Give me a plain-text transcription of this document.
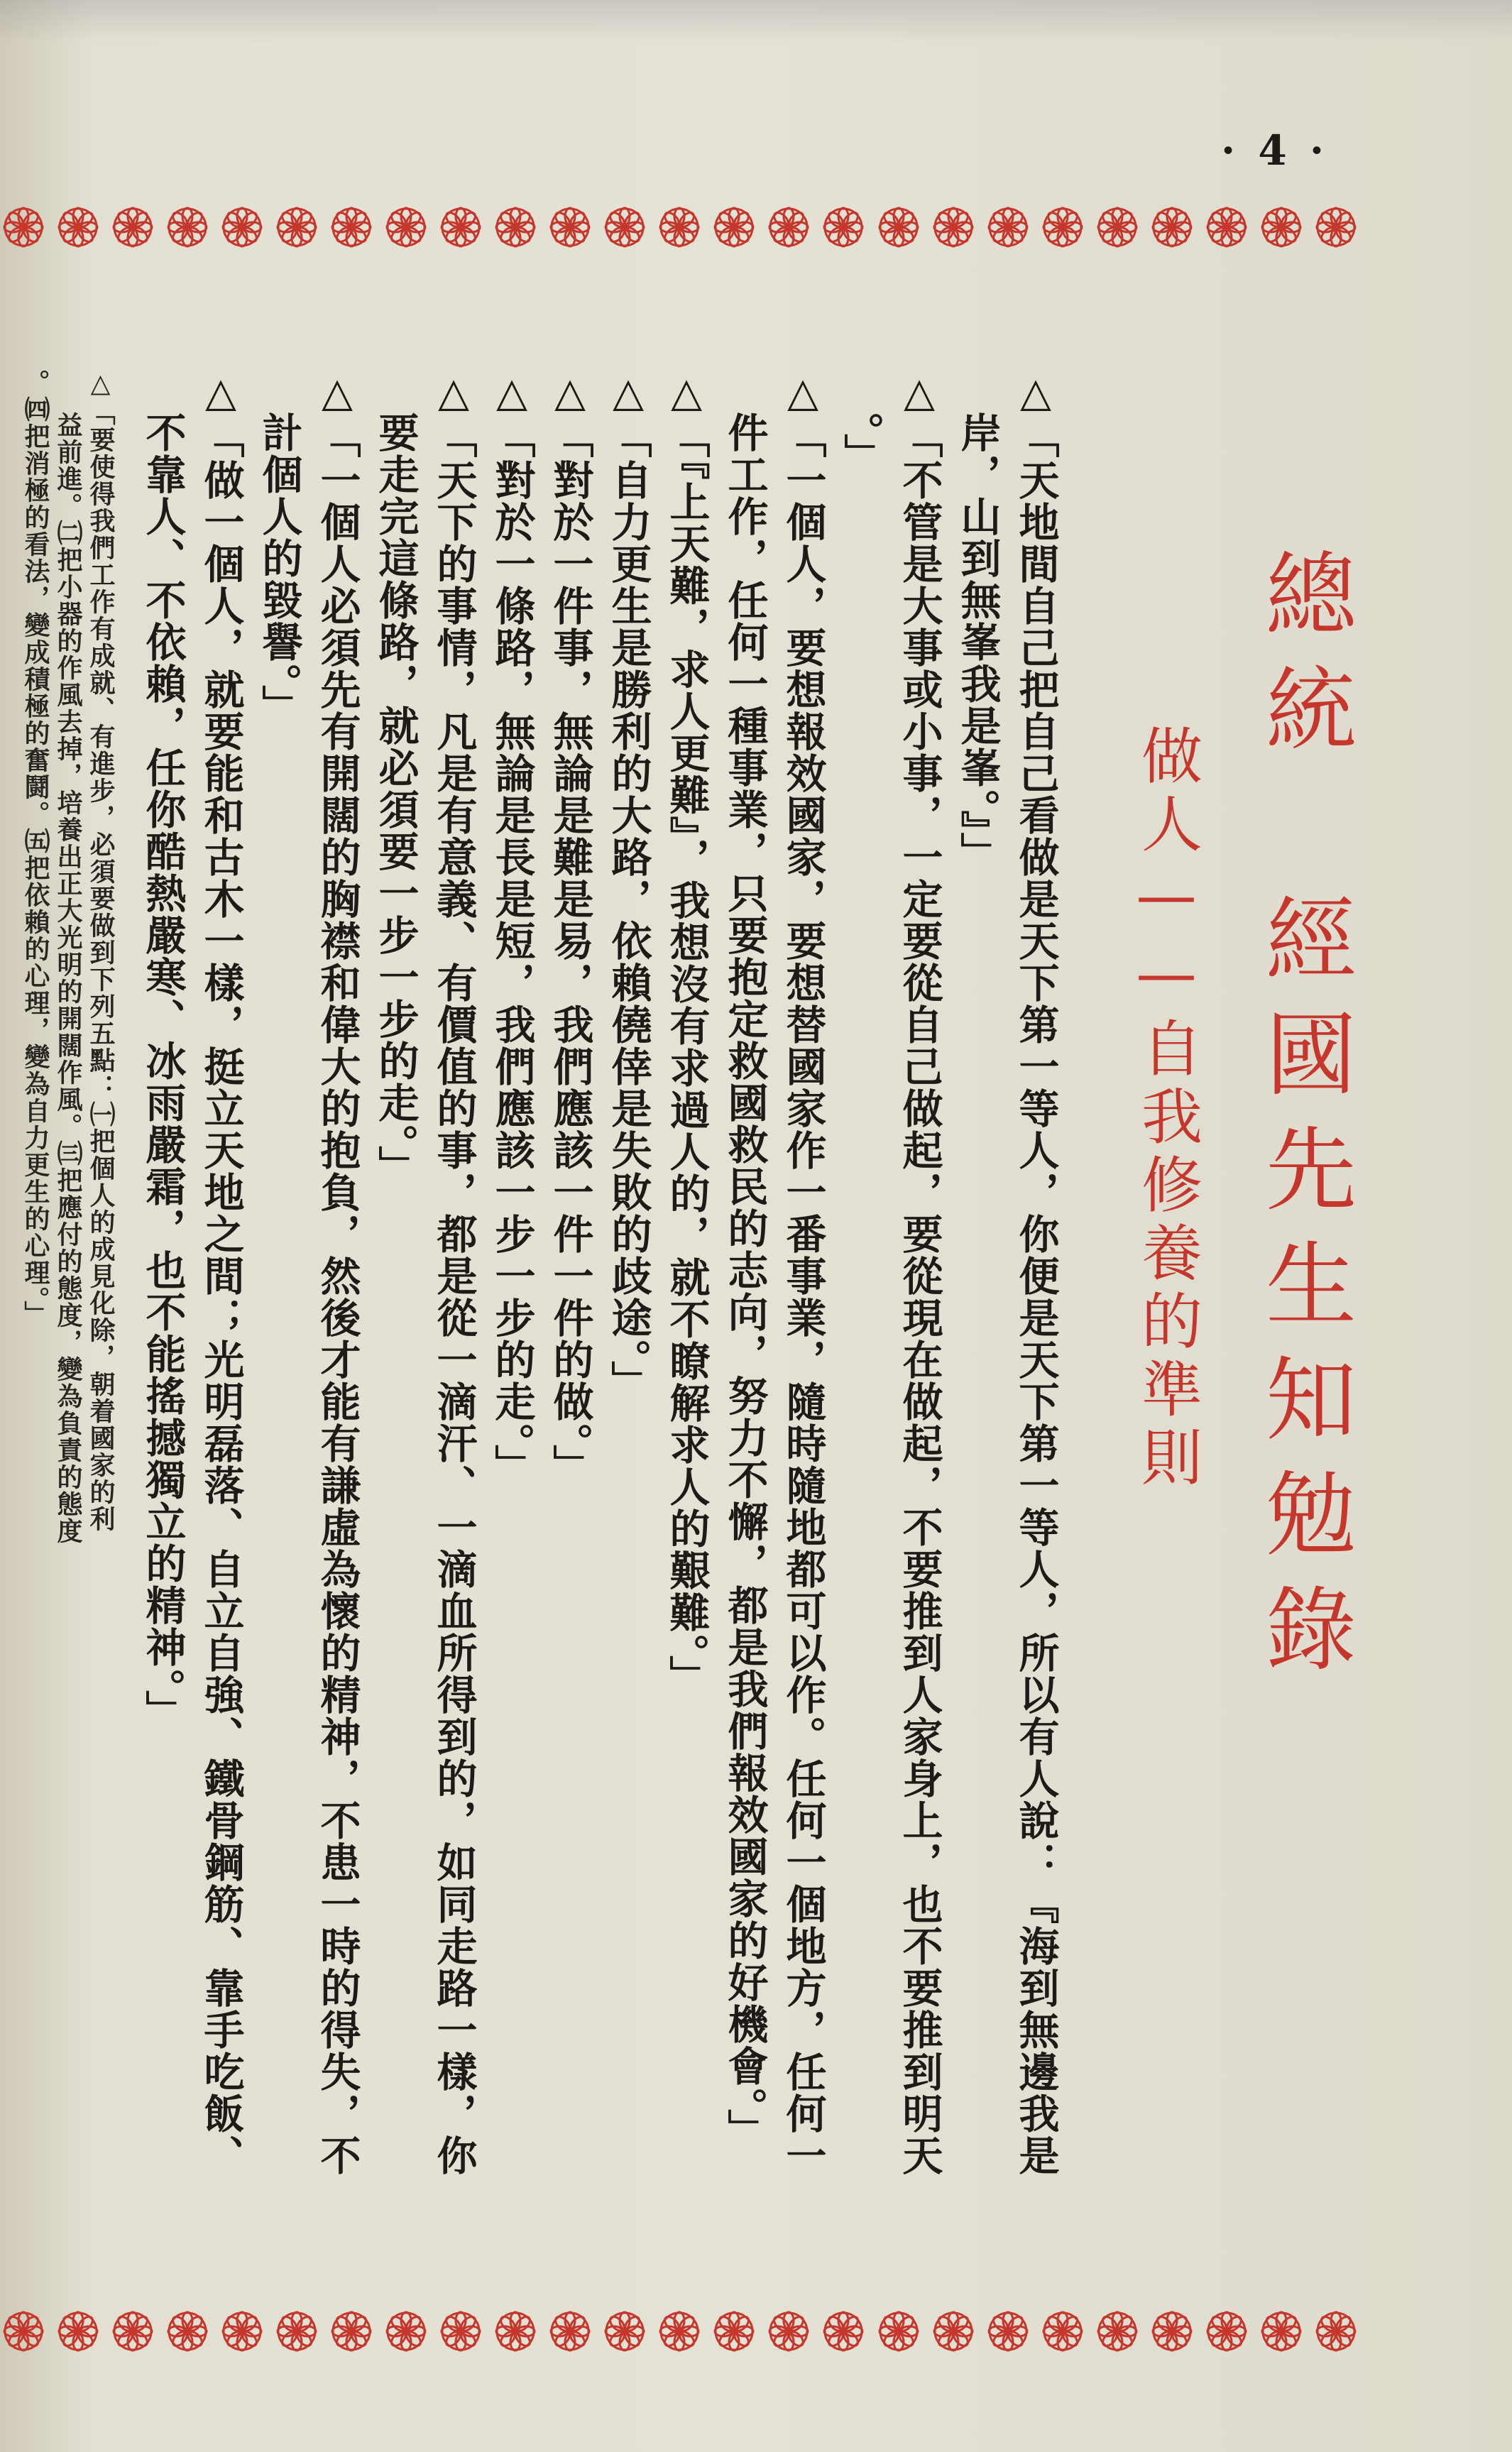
· 4 ·
總統　經國先生知勉錄
做人——自我修養的準則
△「天地間自己把自己看做是天下第一等人，你便是天下第一等人，所以有人說：『海到無邊我是
岸，山到無峯我是峯。』」
△「不管是大事或小事，一定要從自己做起，要從現在做起，不要推到人家身上，也不要推到明天
。」
△「一個人，要想報效國家，要想替國家作一番事業，隨時隨地都可以作。任何一個地方，任何一
件工作，任何一種事業，只要抱定救國救民的志向，努力不懈，都是我們報效國家的好機會。」
△「『上天難，求人更難』，我想沒有求過人的，就不瞭解求人的艱難。」
△「自力更生是勝利的大路，依賴僥倖是失敗的歧途。」
△「對於一件事，無論是難是易，我們應該一件一件的做。」
△「對於一條路，無論是長是短，我們應該一步一步的走。」
△「天下的事情，凡是有意義、有價值的事，都是從一滴汗、一滴血所得到的，如同走路一樣，你
要走完這條路，就必須要一步一步的走。」
△「一個人必須先有開闊的胸襟和偉大的抱負，然後才能有謙虛為懷的精神，不患一時的得失，不
計個人的毀譽。」
△「做一個人，就要能和古木一樣，挺立天地之間；光明磊落、自立自強、鐵骨鋼筋、靠手吃飯、
不靠人、不依賴，任你酷熱嚴寒、冰雨嚴霜，也不能搖撼獨立的精神。」
△「要使得我們工作有成就、有進步，必須要做到下列五點：㈠把個人的成見化除，朝着國家的利
益前進。㈡把小器的作風去掉，培養出正大光明的開闊作風。㈢把應付的態度，變為負責的態度
。㈣把消極的看法，變成積極的奮鬪。㈤把依賴的心理，變為自力更生的心理。」
